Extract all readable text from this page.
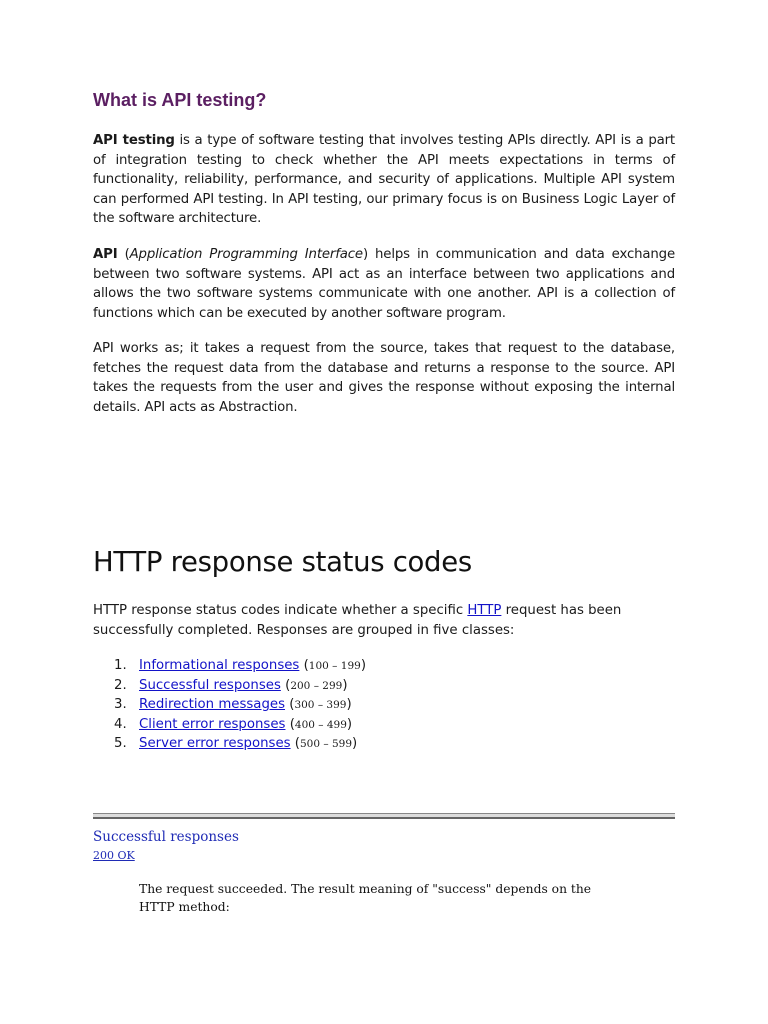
What is API testing?

API testing is a type of software testing that involves testing APIs directly. API is a part of integration testing to check whether the API meets expectations in terms of functionality, reliability, performance, and security of applications. Multiple API system can performed API testing. In API testing, our primary focus is on Business Logic Layer of the software architecture.

API (Application Programming Interface) helps in communication and data exchange between two software systems. API act as an interface between two applications and allows the two software systems communicate with one another. API is a collection of functions which can be executed by another software program.

API works as; it takes a request from the source, takes that request to the database, fetches the request data from the database and returns a response to the source. API takes the requests from the user and gives the response without exposing the internal details. API acts as Abstraction.

HTTP response status codes

HTTP response status codes indicate whether a specific HTTP request has been successfully completed. Responses are grouped in five classes:

1. Informational responses (100 – 199)
2. Successful responses (200 – 299)
3. Redirection messages (300 – 399)
4. Client error responses (400 – 499)
5. Server error responses (500 – 599)

Successful responses

200 OK

The request succeeded. The result meaning of "success" depends on the HTTP method:
